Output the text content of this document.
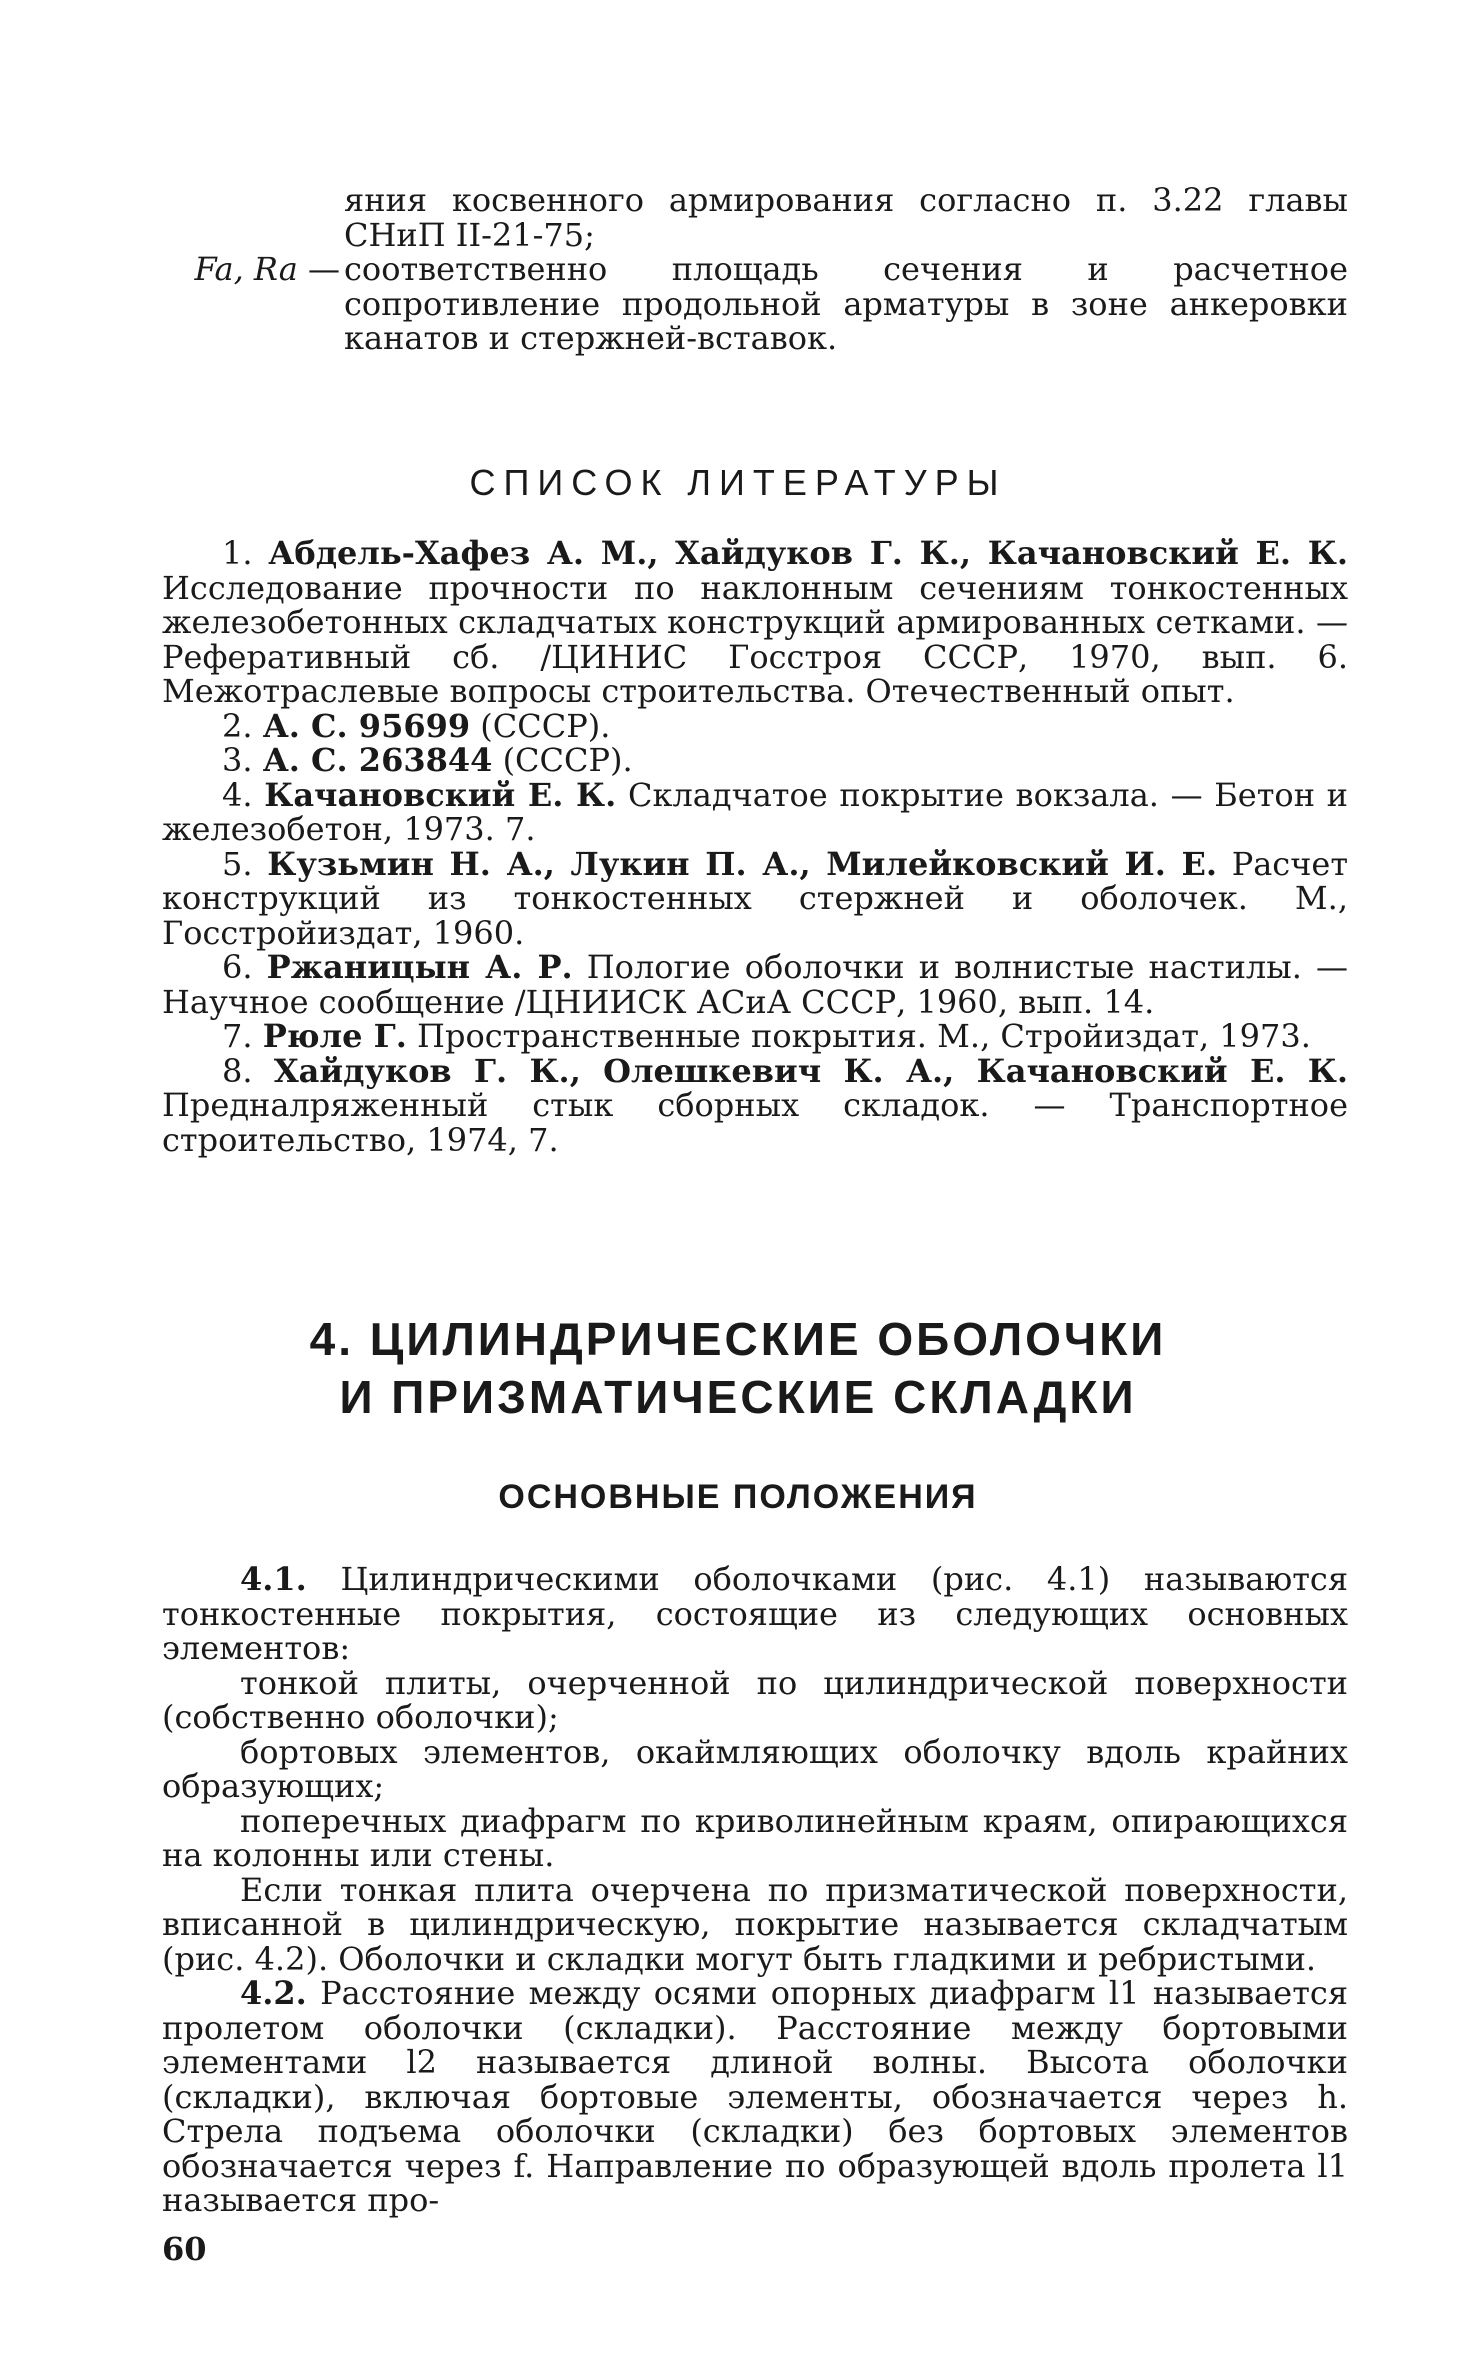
яния косвенного армирования согласно п. 3.22 главы СНиП II-21-75;
Fa, Ra — соответственно площадь сечения и расчетное сопротивление продольной арматуры в зоне анкеровки канатов и стержней-вставок.
СПИСОК ЛИТЕРАТУРЫ

1. Абдель-Хафез А. М., Хайдуков Г. К., Качановский Е. К. Исследование прочности по наклонным сечениям тонкостенных железобетонных складчатых конструкций армированных сетками. — Реферативный сб. /ЦИНИС Госстроя СССР, 1970, вып. 6. Межотраслевые вопросы строительства. Отечественный опыт.

2. А. С. 95699 (СССР).

3. А. С. 263844 (СССР).

4. Качановский Е. К. Складчатое покрытие вокзала. — Бетон и железобетон, 1973. 7.

5. Кузьмин Н. А., Лукин П. А., Милейковский И. Е. Расчет конструкций из тонкостенных стержней и оболочек. М., Госстройиздат, 1960.

6. Ржаницын А. Р. Пологие оболочки и волнистые настилы. — Научное сообщение /ЦНИИСК АСиА СССР, 1960, вып. 14.

7. Рюле Г. Пространственные покрытия. М., Стройиздат, 1973.

8. Хайдуков Г. К., Олешкевич К. А., Качановский Е. К. Предналряженный стык сборных складок. — Транспортное строительство, 1974, 7.

4. ЦИЛИНДРИЧЕСКИЕ ОБОЛОЧКИ
И ПРИЗМАТИЧЕСКИЕ СКЛАДКИ
ОСНОВНЫЕ ПОЛОЖЕНИЯ

4.1. Цилиндрическими оболочками (рис. 4.1) называются тонкостенные покрытия, состоящие из следующих основных элементов:

тонкой плиты, очерченной по цилиндрической поверхности (собственно оболочки);

бортовых элементов, окаймляющих оболочку вдоль крайних образующих;

поперечных диафрагм по криволинейным краям, опирающихся на колонны или стены.

Если тонкая плита очерчена по призматической поверхности, вписанной в цилиндрическую, покрытие называется складчатым (рис. 4.2). Оболочки и складки могут быть гладкими и ребристыми.

4.2. Расстояние между осями опорных диафрагм l1 называется пролетом оболочки (складки). Расстояние между бортовыми элементами l2 называется длиной волны. Высота оболочки (складки), включая бортовые элементы, обозначается через h. Стрела подъема оболочки (складки) без бортовых элементов обозначается через f. Направление по образующей вдоль пролета l1 называется про-

60
